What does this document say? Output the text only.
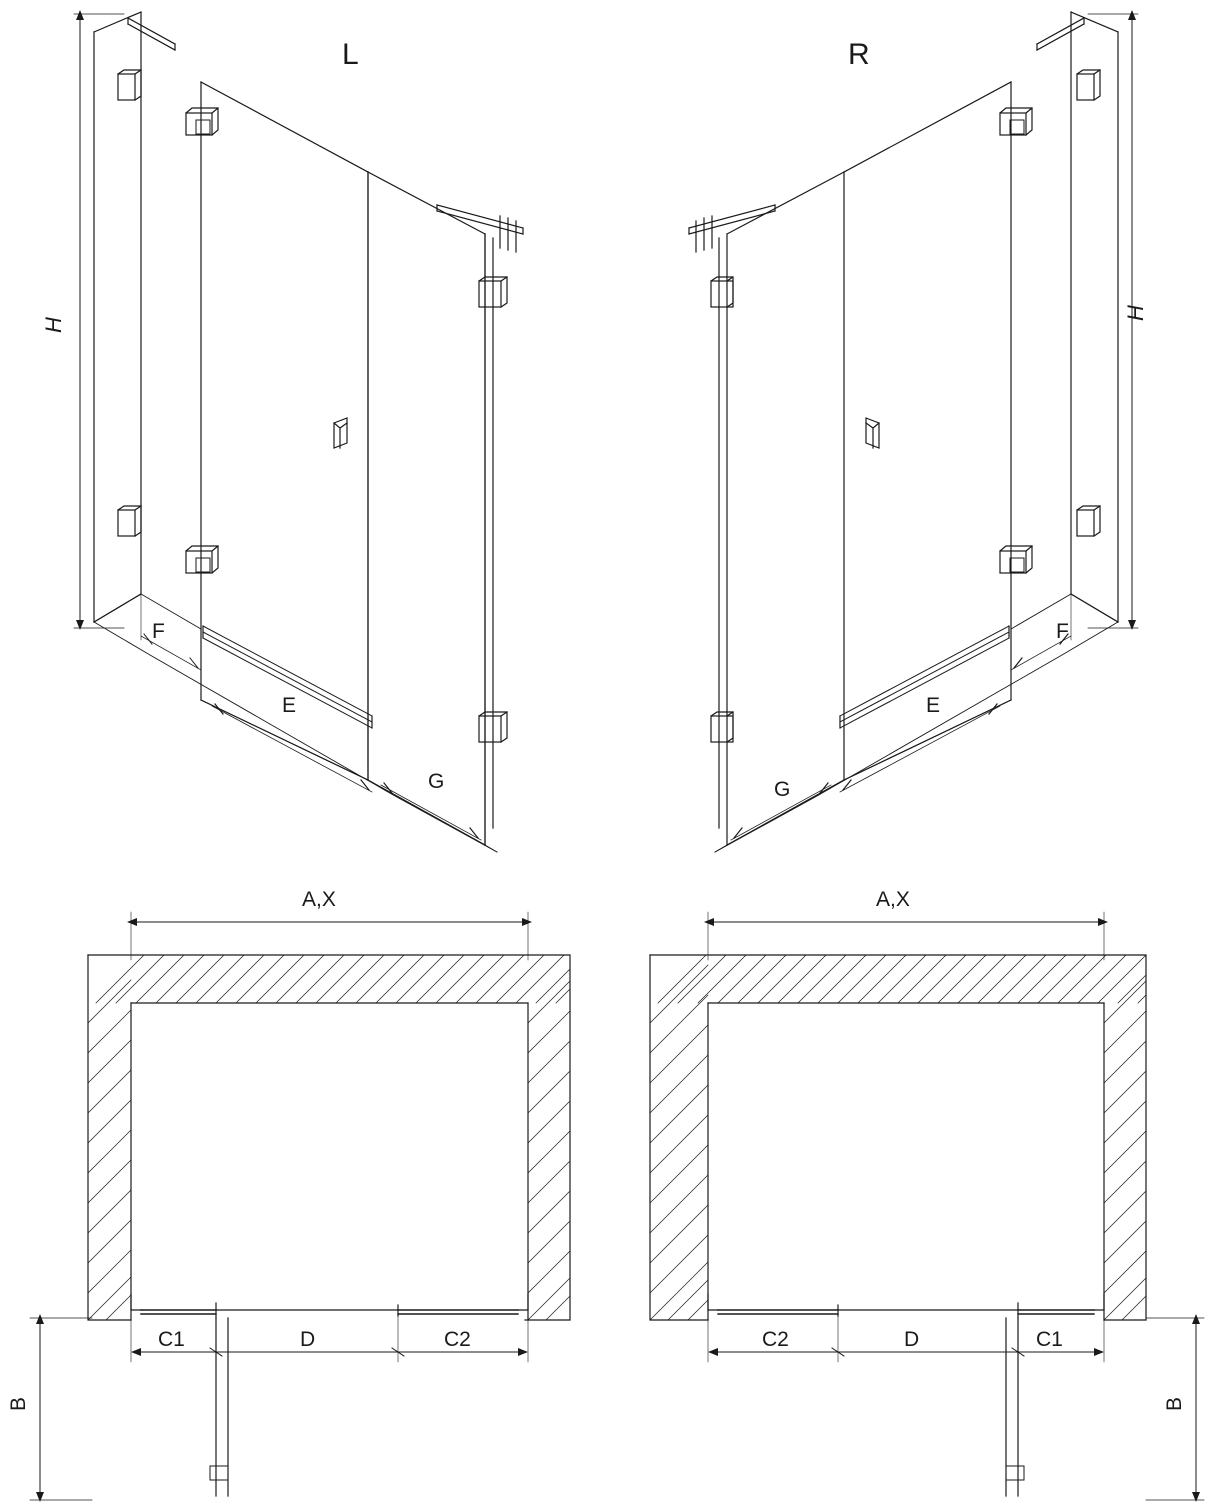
L
H
F
E
G
R
H
G
E
F
A,X
B
C1	D	C2
A,X
B
C2	D	C1
